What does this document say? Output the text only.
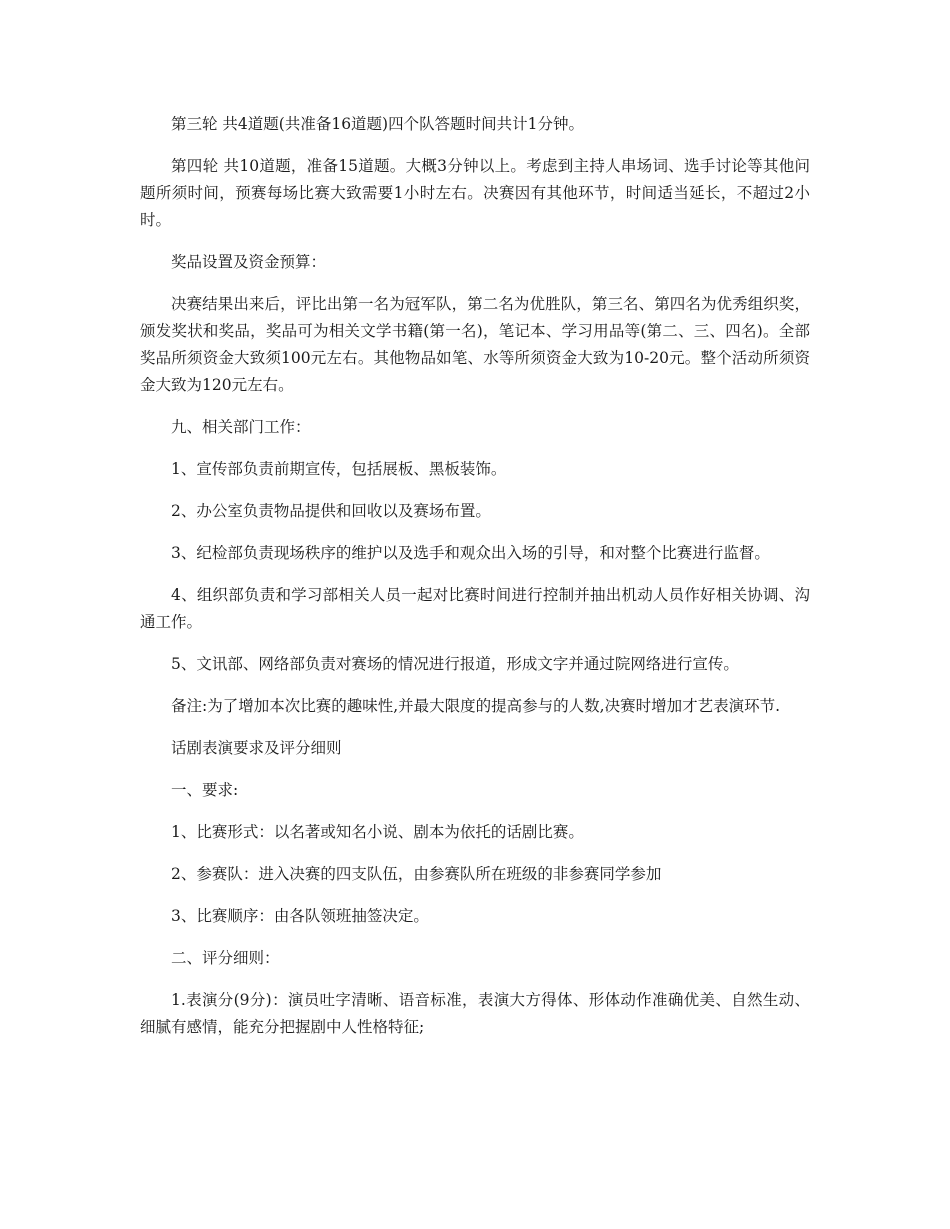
第三轮 共4道题(共准备16道题)四个队答题时间共计1分钟。

第四轮 共10道题，准备15道题。大概3分钟以上。考虑到主持人串场词、选手讨论等其他问题所须时间，预赛每场比赛大致需要1小时左右。决赛因有其他环节，时间适当延长，不超过2小时。

奖品设置及资金预算：

决赛结果出来后，评比出第一名为冠军队，第二名为优胜队，第三名、第四名为优秀组织奖，颁发奖状和奖品，奖品可为相关文学书籍(第一名)，笔记本、学习用品等(第二、三、四名)。全部奖品所须资金大致须100元左右。其他物品如笔、水等所须资金大致为10-20元。整个活动所须资金大致为120元左右。

九、相关部门工作：

1、宣传部负责前期宣传，包括展板、黑板装饰。

2、办公室负责物品提供和回收以及赛场布置。

3、纪检部负责现场秩序的维护以及选手和观众出入场的引导，和对整个比赛进行监督。

4、组织部负责和学习部相关人员一起对比赛时间进行控制并抽出机动人员作好相关协调、沟通工作。

5、文讯部、网络部负责对赛场的情况进行报道，形成文字并通过院网络进行宣传。

备注:为了增加本次比赛的趣味性,并最大限度的提高参与的人数,决赛时增加才艺表演环节.

话剧表演要求及评分细则

一、要求:

1、比赛形式：以名著或知名小说、剧本为依托的话剧比赛。

2、参赛队：进入决赛的四支队伍，由参赛队所在班级的非参赛同学参加

3、比赛顺序：由各队领班抽签决定。

二、评分细则：

1.表演分(9分)：演员吐字清晰、语音标准，表演大方得体、形体动作准确优美、自然生动、细腻有感情，能充分把握剧中人性格特征;
